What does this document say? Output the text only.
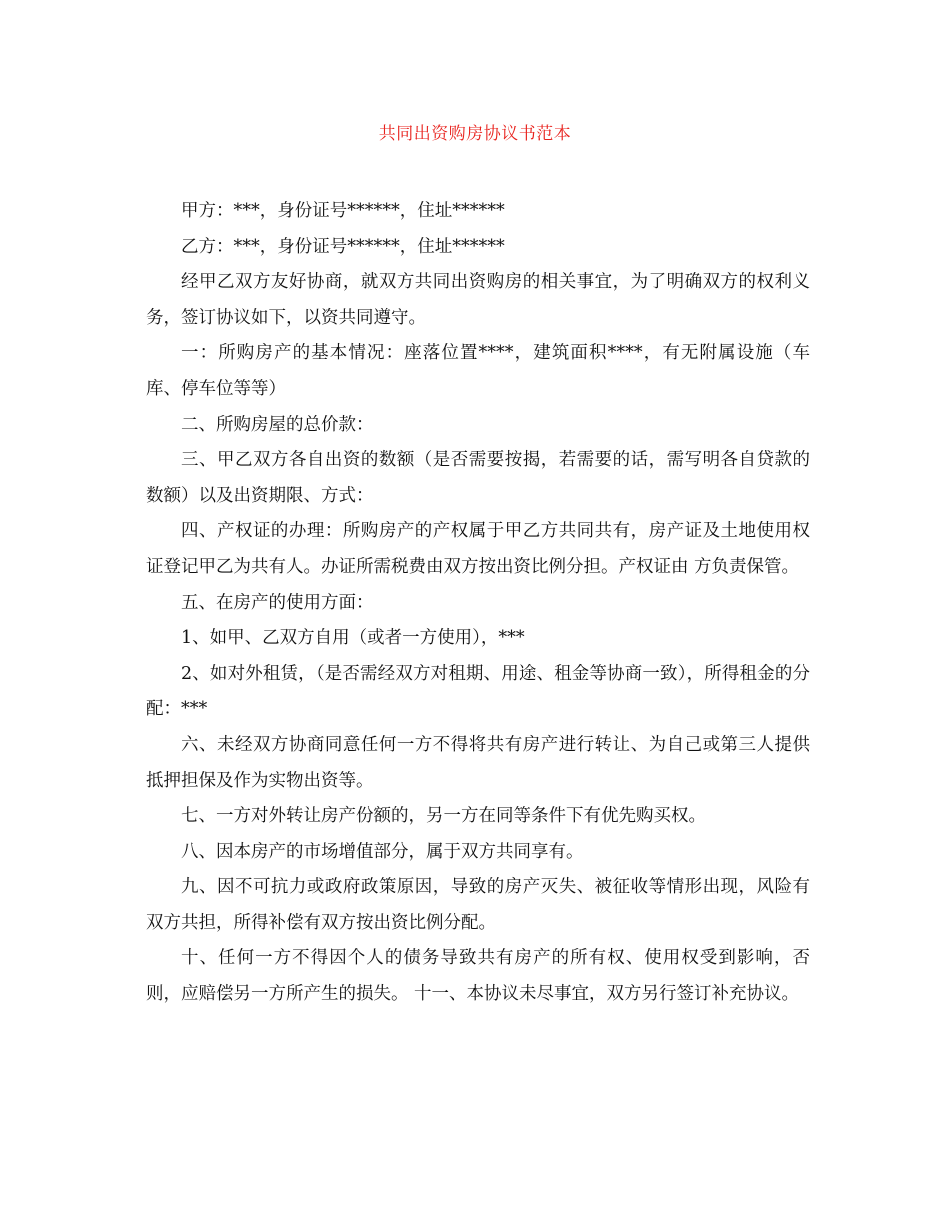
共同出资购房协议书范本

甲方：***，身份证号******，住址******

乙方：***，身份证号******，住址******

经甲乙双方友好协商，就双方共同出资购房的相关事宜，为了明确双方的权利义务，签订协议如下，以资共同遵守。

一：所购房产的基本情况：座落位置****，建筑面积****，有无附属设施（车库、停车位等等）

二、所购房屋的总价款：

三、甲乙双方各自出资的数额（是否需要按揭，若需要的话，需写明各自贷款的数额）以及出资期限、方式：

四、产权证的办理：所购房产的产权属于甲乙方共同共有，房产证及土地使用权证登记甲乙为共有人。办证所需税费由双方按出资比例分担。产权证由 方负责保管。

五、在房产的使用方面：

1、如甲、乙双方自用（或者一方使用），***

2、如对外租赁，（是否需经双方对租期、用途、租金等协商一致），所得租金的分配：***

六、未经双方协商同意任何一方不得将共有房产进行转让、为自己或第三人提供抵押担保及作为实物出资等。

七、一方对外转让房产份额的，另一方在同等条件下有优先购买权。

八、因本房产的市场增值部分，属于双方共同享有。

九、因不可抗力或政府政策原因，导致的房产灭失、被征收等情形出现，风险有双方共担，所得补偿有双方按出资比例分配。

十、任何一方不得因个人的债务导致共有房产的所有权、使用权受到影响，否则，应赔偿另一方所产生的损失。 十一、本协议未尽事宜，双方另行签订补充协议。
